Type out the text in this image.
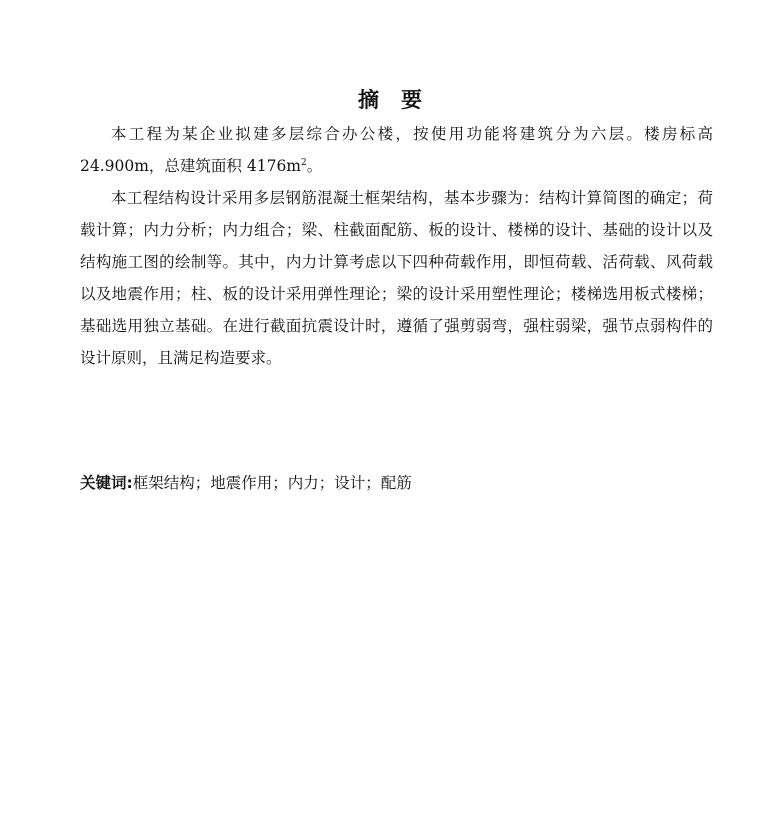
摘要

本工程为某企业拟建多层综合办公楼，按使用功能将建筑分为六层。楼房标高 24.900m，总建筑面积 $4176m^2$。

本工程结构设计采用多层钢筋混凝土框架结构，基本步骤为：结构计算简图的确定；荷载计算；内力分析；内力组合；梁、柱截面配筋、板的设计、楼梯的设计、基础的设计以及结构施工图的绘制等。其中，内力计算考虑以下四种荷载作用，即恒荷载、活荷载、风荷载以及地震作用；柱、板的设计采用弹性理论；梁的设计采用塑性理论；楼梯选用板式楼梯；基础选用独立基础。在进行截面抗震设计时，遵循了强剪弱弯，强柱弱梁，强节点弱构件的设计原则，且满足构造要求。

关键词:框架结构；地震作用；内力；设计；配筋
